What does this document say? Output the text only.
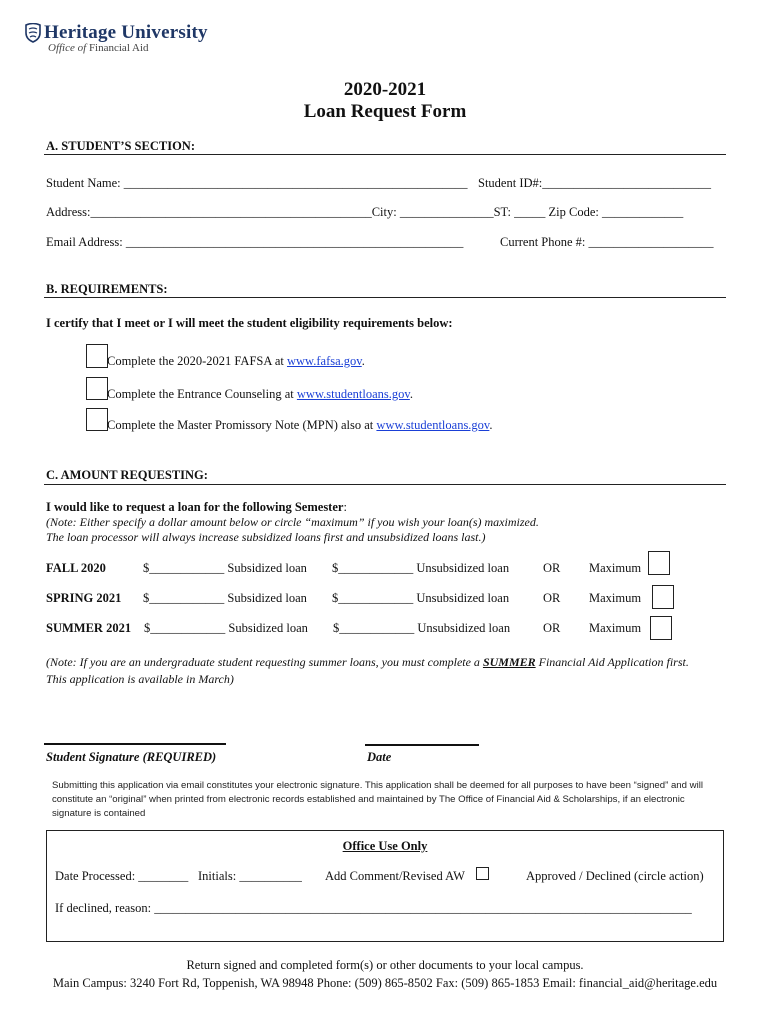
Heritage University
Office of Financial Aid
2020-2021
Loan Request Form
A. STUDENT’S SECTION:
Student Name: _______________________________________________________ Student ID#:___________________________
Address:_____________________________________________City: _______________ST: _____ Zip Code: _____________
Email Address: ______________________________________________________	Current Phone #: ____________________
B. REQUIREMENTS:
I certify that I meet or I will meet the student eligibility requirements below:
Complete the 2020-2021 FAFSA at www.fafsa.gov.
Complete the Entrance Counseling at www.studentloans.gov.
Complete the Master Promissory Note (MPN) also at www.studentloans.gov.
C. AMOUNT REQUESTING:
I would like to request a loan for the following Semester:
(Note: Either specify a dollar amount below or circle “maximum” if you wish your loan(s) maximized.
The loan processor will always increase subsidized loans first and unsubsidized loans last.)
FALL 2020	$____________ Subsidized loan $____________ Unsubsidized loan	OR Maximum
SPRING 2021 $____________ Subsidized loan $____________ Unsubsidized loan	OR Maximum
SUMMER 2021 $____________ Subsidized loan $____________ Unsubsidized loan	OR Maximum
(Note: If you are an undergraduate student requesting summer loans, you must complete a SUMMER Financial Aid Application first.
This application is available in March)
Student Signature (REQUIRED)	Date
Submitting this application via email constitutes your electronic signature. This application shall be deemed for all purposes to have been “signed” and will
constitute an “original” when printed from electronic records established and maintained by The Office of Financial Aid & Scholarships, if an electronic
signature is contained
Office Use Only
Date Processed: ________ Initials: __________ Add Comment/Revised AW	Approved / Declined (circle action)
If declined, reason: ______________________________________________________________________________________
Return signed and completed form(s) or other documents to your local campus.
Main Campus: 3240 Fort Rd, Toppenish, WA 98948 Phone: (509) 865-8502 Fax: (509) 865-1853 Email: financial_aid@heritage.edu
